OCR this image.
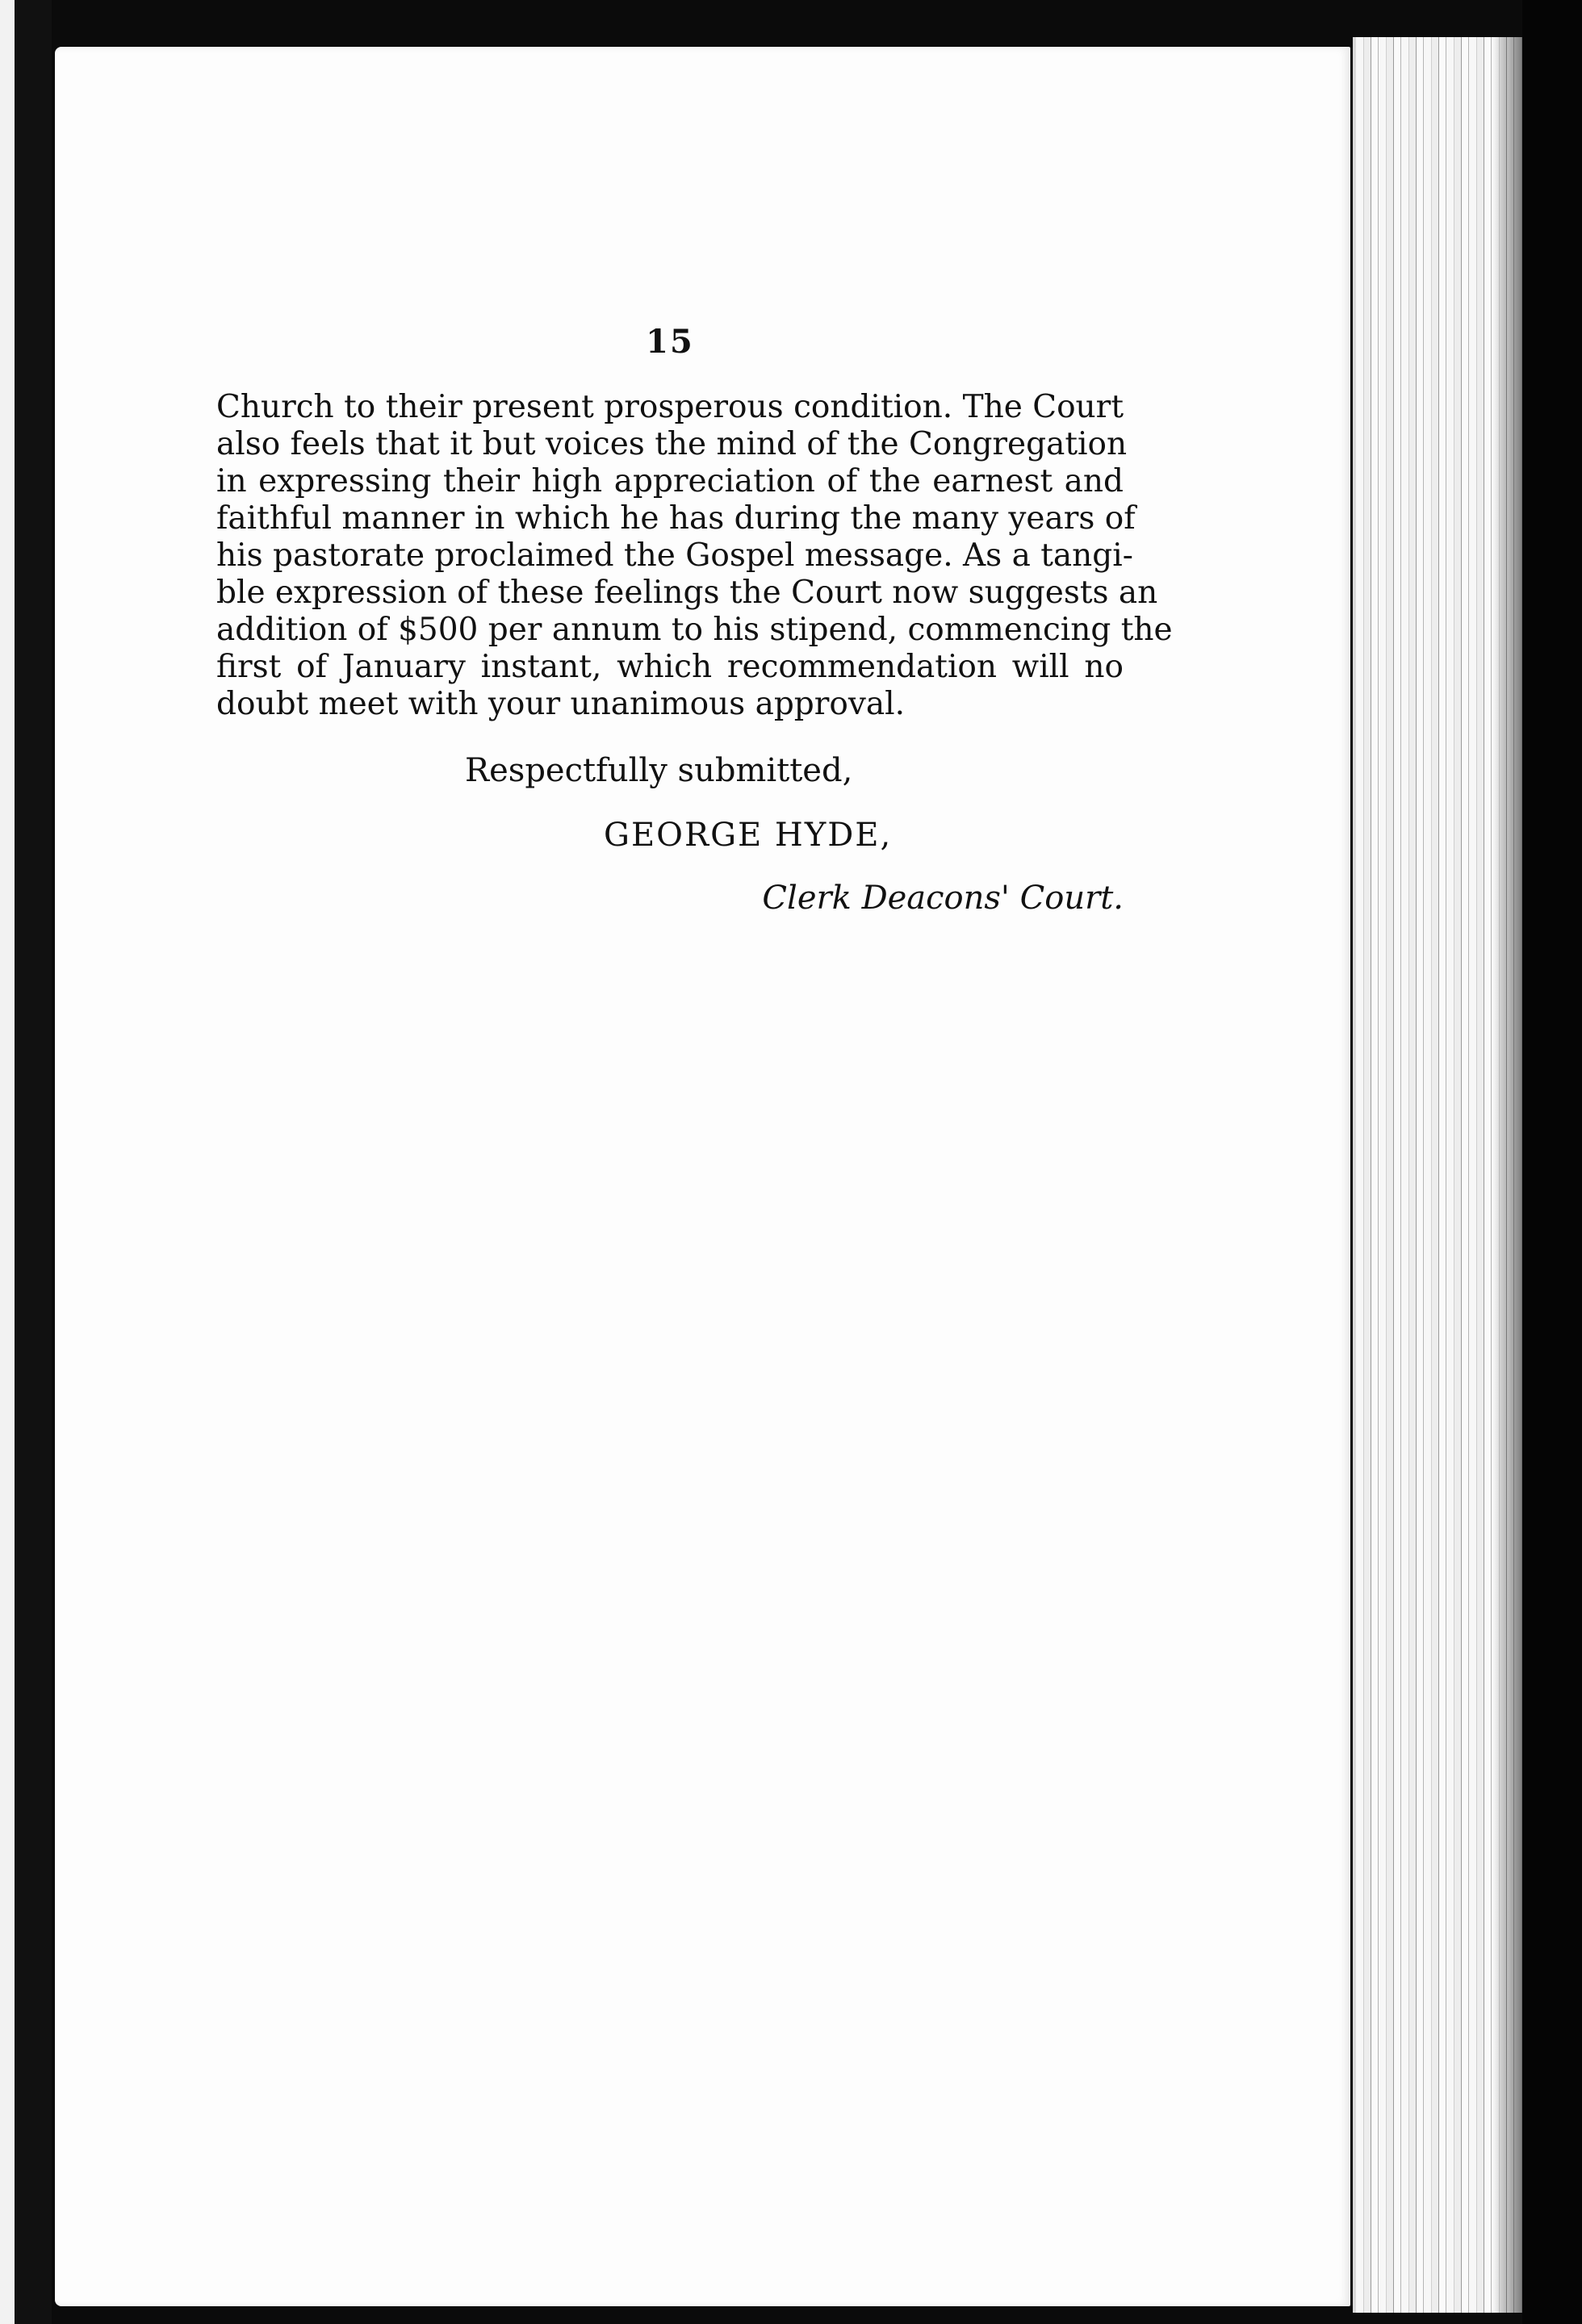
15

Church to their present prosperous condition. The Court
also feels that it but voices the mind of the Congregation
in expressing their high appreciation of the earnest and
faithful manner in which he has during the many years of
his pastorate proclaimed the Gospel message. As a tangi-
ble expression of these feelings the Court now suggests an
addition of $500 per annum to his stipend, commencing the
first of January instant, which recommendation will no
doubt meet with your unanimous approval.

Respectfully submitted,
GEORGE HYDE,
Clerk Deacons' Court.
